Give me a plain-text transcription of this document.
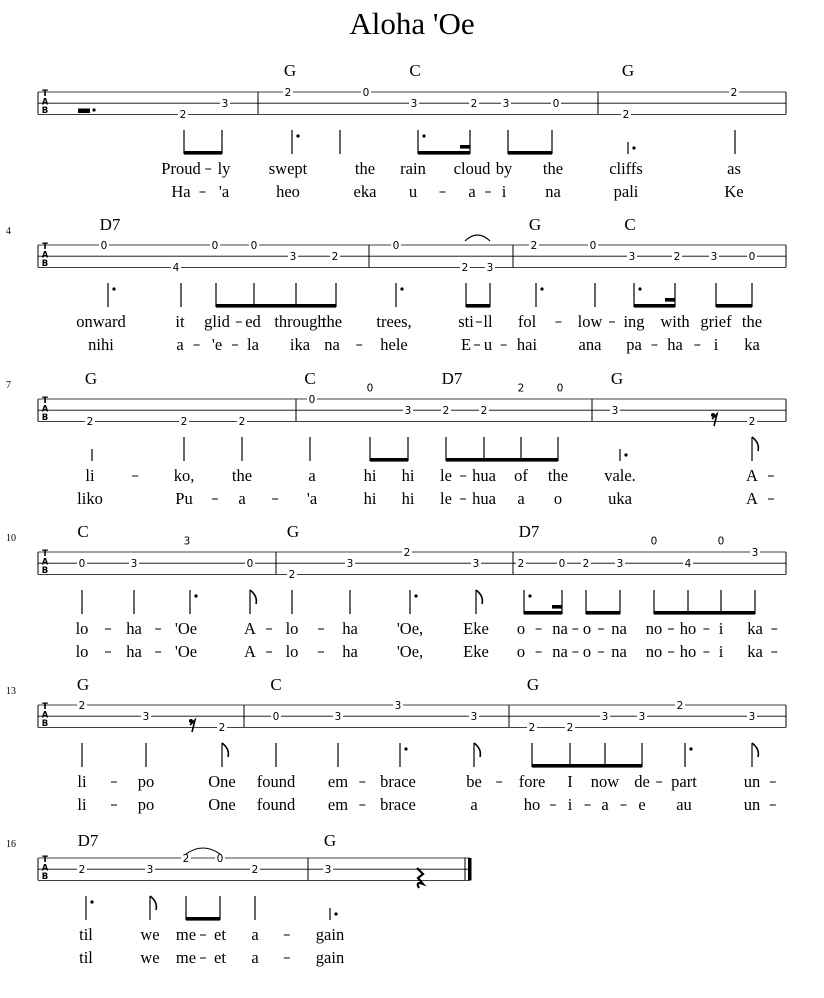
Aloha 'Oe
T
A
B
G	C	G
2
3
2	0
3	2 3	0
2
2
Proud ly swept	the rain cloud by the	cliffs	as
Ha 'a	heo	eka u	a i na	pali	Ke
T
A
B
4	D7	G	C
0
4
0	0
3	2
0
2 3
2	0
3	2	3	0
onward	it glid ed through
the trees,	sti ll fol	low ing with grief the
nihi	a 'e la ika na hele	E u hai	ana pa ha i ka
T
A
B
7	G	C	D7	G
2	2	2
0
0
3	2	2
2	0
3
2
li	ko, the	a	hi hi le hua of the vale.	A
liko	Pu	a	'a	hi hi le hua a o	uka	A
T
A
B
10	C	G	D7
0	3
3
0
2
3
2
3	2	0 2	3
0
4
0
3
lo ha 'Oe	A lo	ha 'Oe, Eke o na o na no ho i ka
lo ha 'Oe	A lo	ha 'Oe, Eke o na o na no ho i ka
T
A
B
13	G	C	G
2
3
2
0	3
3
3
2	2
3	3
2
3
li	po	One found em brace	be fore I now de part	un
li	po	One found em brace	a	ho i a e au	un
T
A
B
16	D7	G
2	3
2	0
2	3
til	we me et a	gain
til	we me et a	gain
